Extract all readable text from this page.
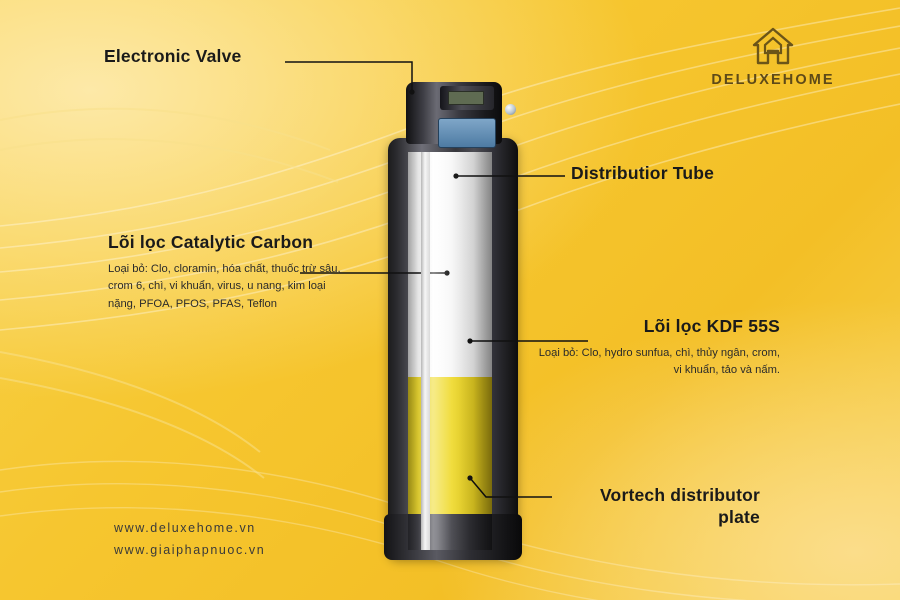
DELUXEHOME
Electronic Valve
Lõi lọc Catalytic Carbon
Loại bỏ: Clo, cloramin, hóa chất, thuốc trừ sâu, crom 6, chì, vi khuẩn, virus, u nang, kim loại nặng, PFOA, PFOS, PFAS, Teflon
Distributior Tube
Lõi lọc KDF 55S
Loại bỏ: Clo, hydro sunfua, chì, thủy ngân, crom, vi khuẩn, tảo và nấm.
Vortech distributor plate
www.deluxehome.vn
www.giaiphapnuoc.vn
